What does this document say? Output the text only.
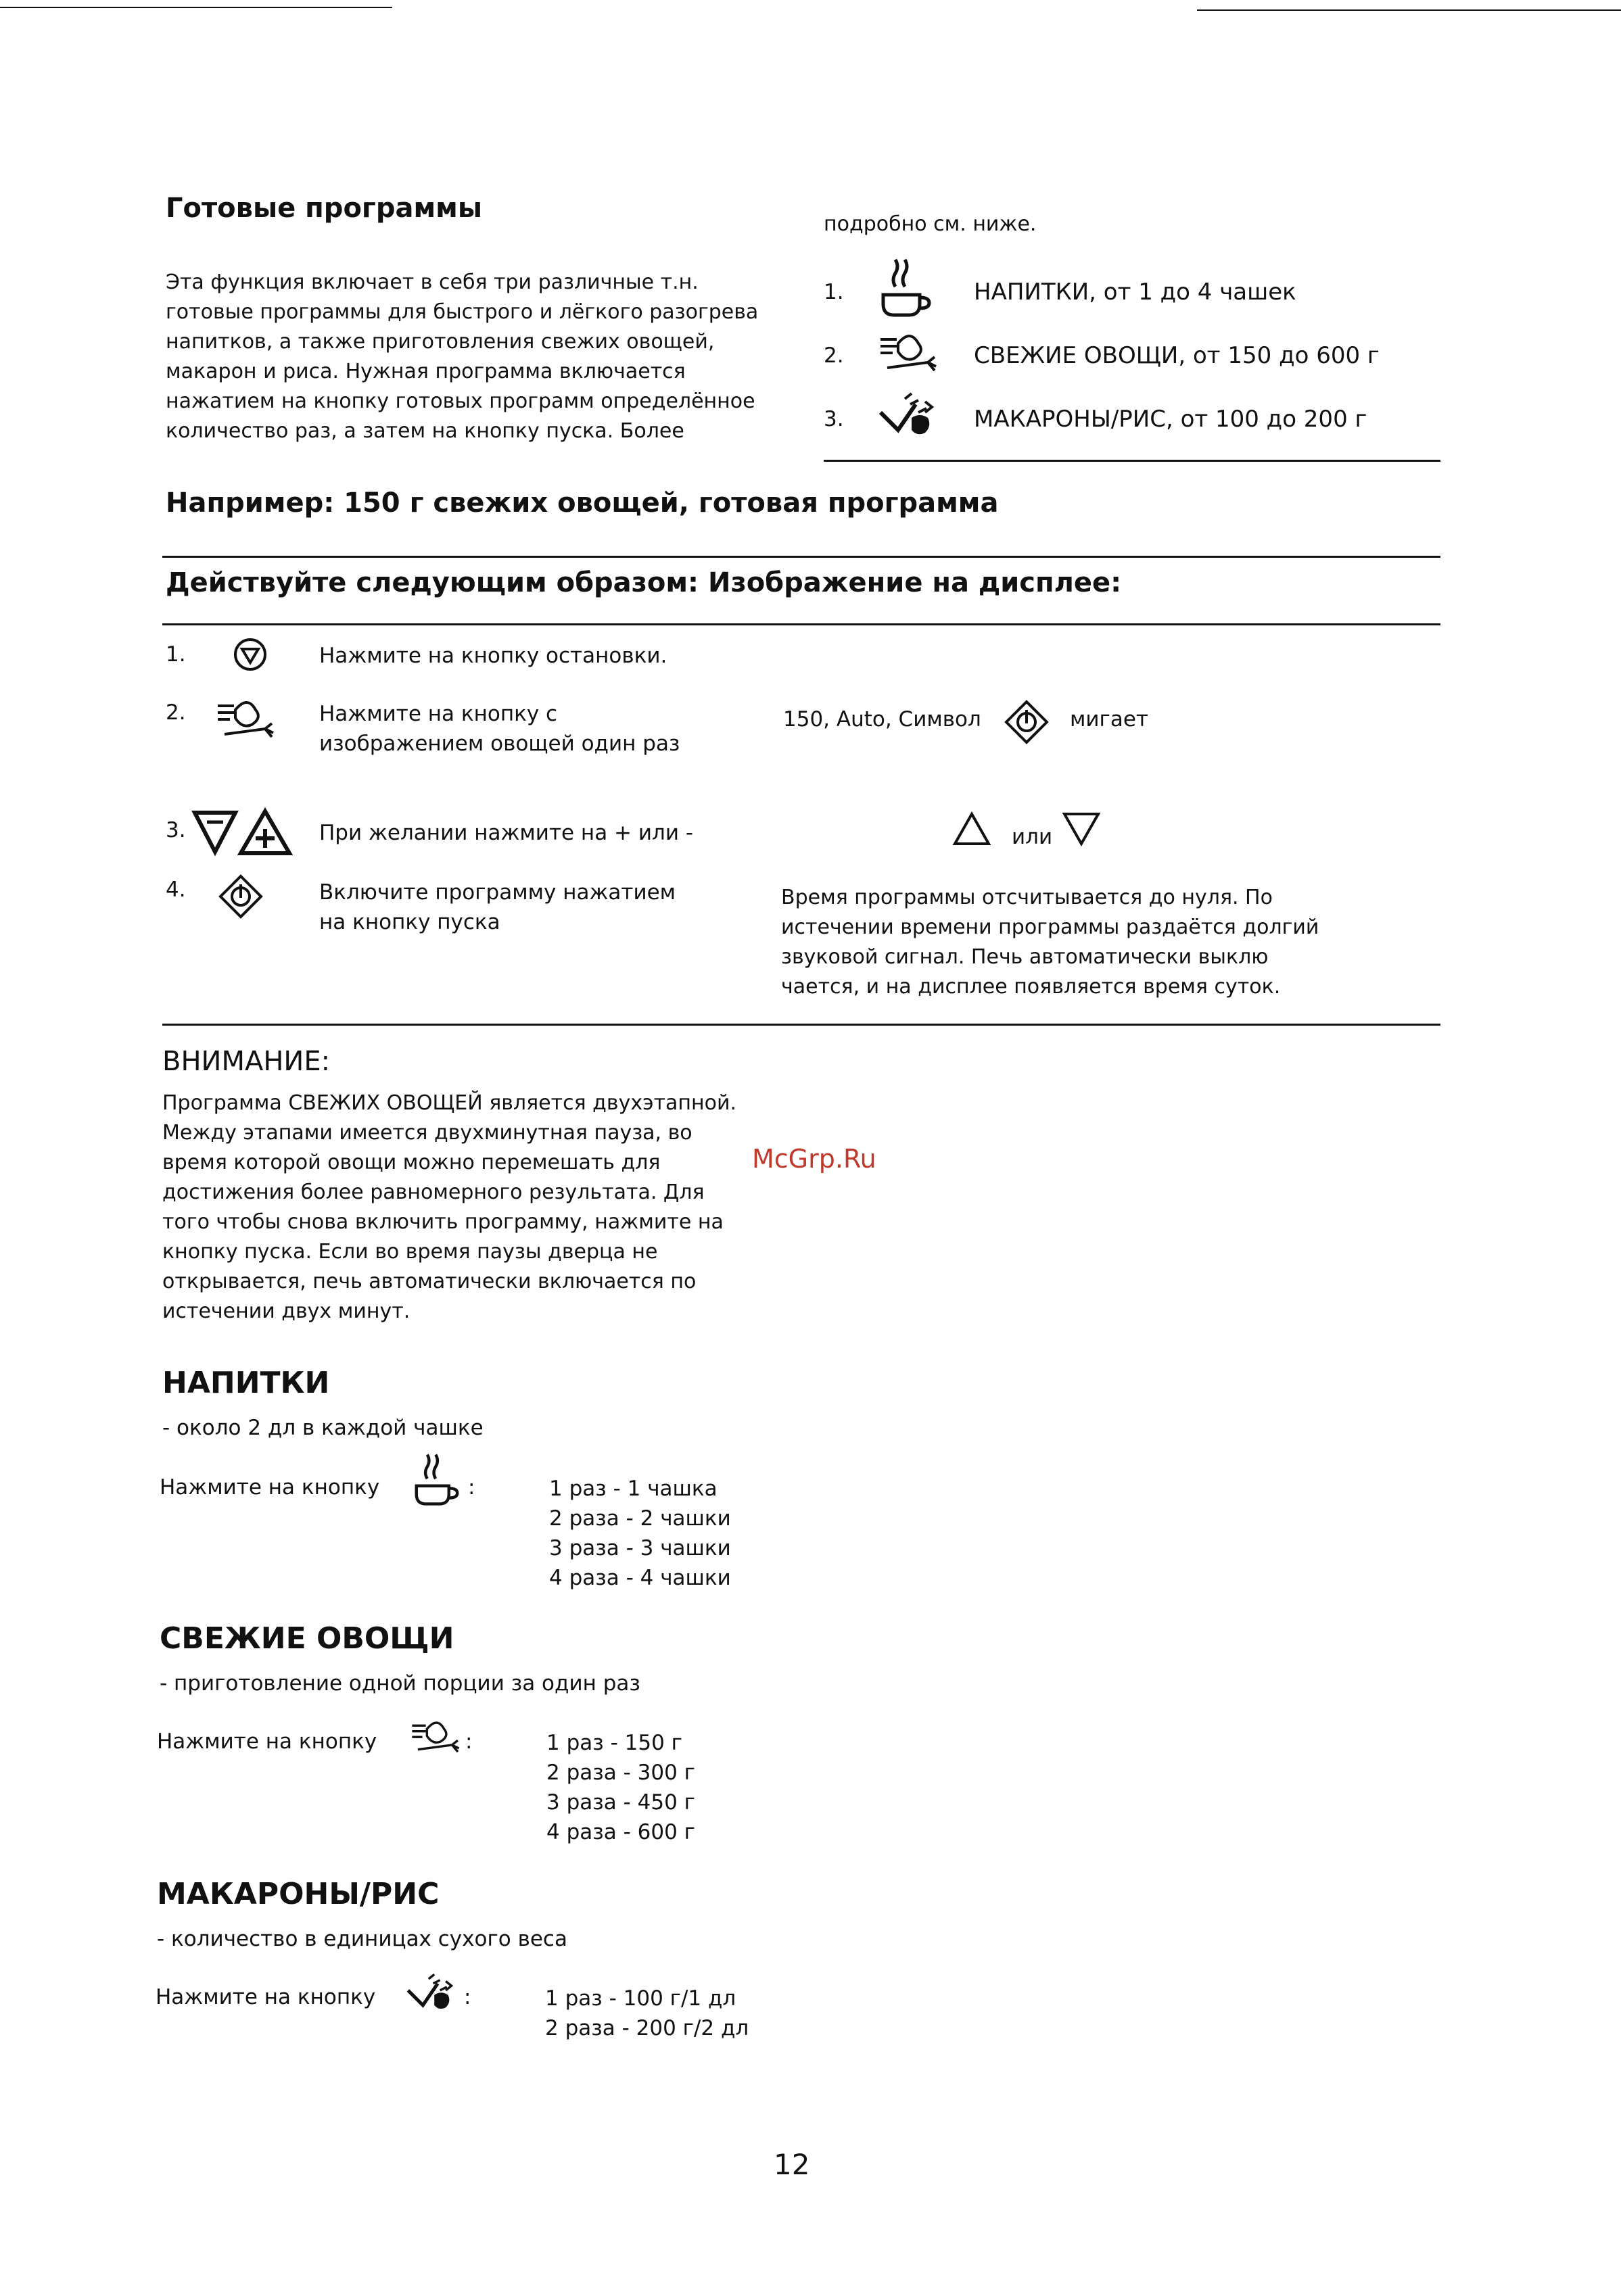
Готовые программы
Эта функция включает в себя три различные т.н.
готовые программы для быстрого и лёгкого разогрева
напитков, а также приготовления свежих овощей,
макарон и риса. Нужная программа включается
нажатием на кнопку готовых программ определённое
количество раз, а затем на кнопку пуска. Более
подробно см. ниже.
1.	НАПИТКИ, от 1 до 4 чашек
2.	СВЕЖИЕ ОВОЩИ, от 150 до 600 г
3.	МАКАРОНЫ/РИС, от 100 до 200 г
Например: 150 г свежих овощей, готовая программа
Действуйте следующим образом: Изображение на дисплее:
1.	Нажмите на кнопку остановки.
2.	Нажмите на кнопку с
изображением овощей один раз
150, Auto, Символ	мигает
3.	При желании нажмите на + или -	или
4.	Включите программу нажатием
на кнопку пуска
Время программы отсчитывается до нуля. По
истечении времени программы раздаётся долгий
звуковой сигнал. Печь автоматически выклю
чается, и на дисплее появляется время суток.
ВНИМАНИЕ:
Программа СВЕЖИХ ОВОЩЕЙ является двухэтапной.
Между этапами имеется двухминутная пауза, во
время которой овощи можно перемешать для
достижения более равномерного результата. Для
того чтобы снова включить программу, нажмите на
кнопку пуска. Если во время паузы дверца не
открывается, печь автоматически включается по
истечении двух минут.
McGrp.Ru
НАПИТКИ
- около 2 дл в каждой чашке
Нажмите на кнопку	:	1 раз - 1 чашка
2 раза - 2 чашки
3 раза - 3 чашки
4 раза - 4 чашки
СВЕЖИЕ ОВОЩИ
- приготовление одной порции за один раз
Нажмите на кнопку	:	1 раз - 150 г
2 раза - 300 г
3 раза - 450 г
4 раза - 600 г
МАКАРОНЫ/РИС
- количество в единицах сухого веса
Нажмите на кнопку	:	1 раз - 100 г/1 дл
2 раза - 200 г/2 дл
12
